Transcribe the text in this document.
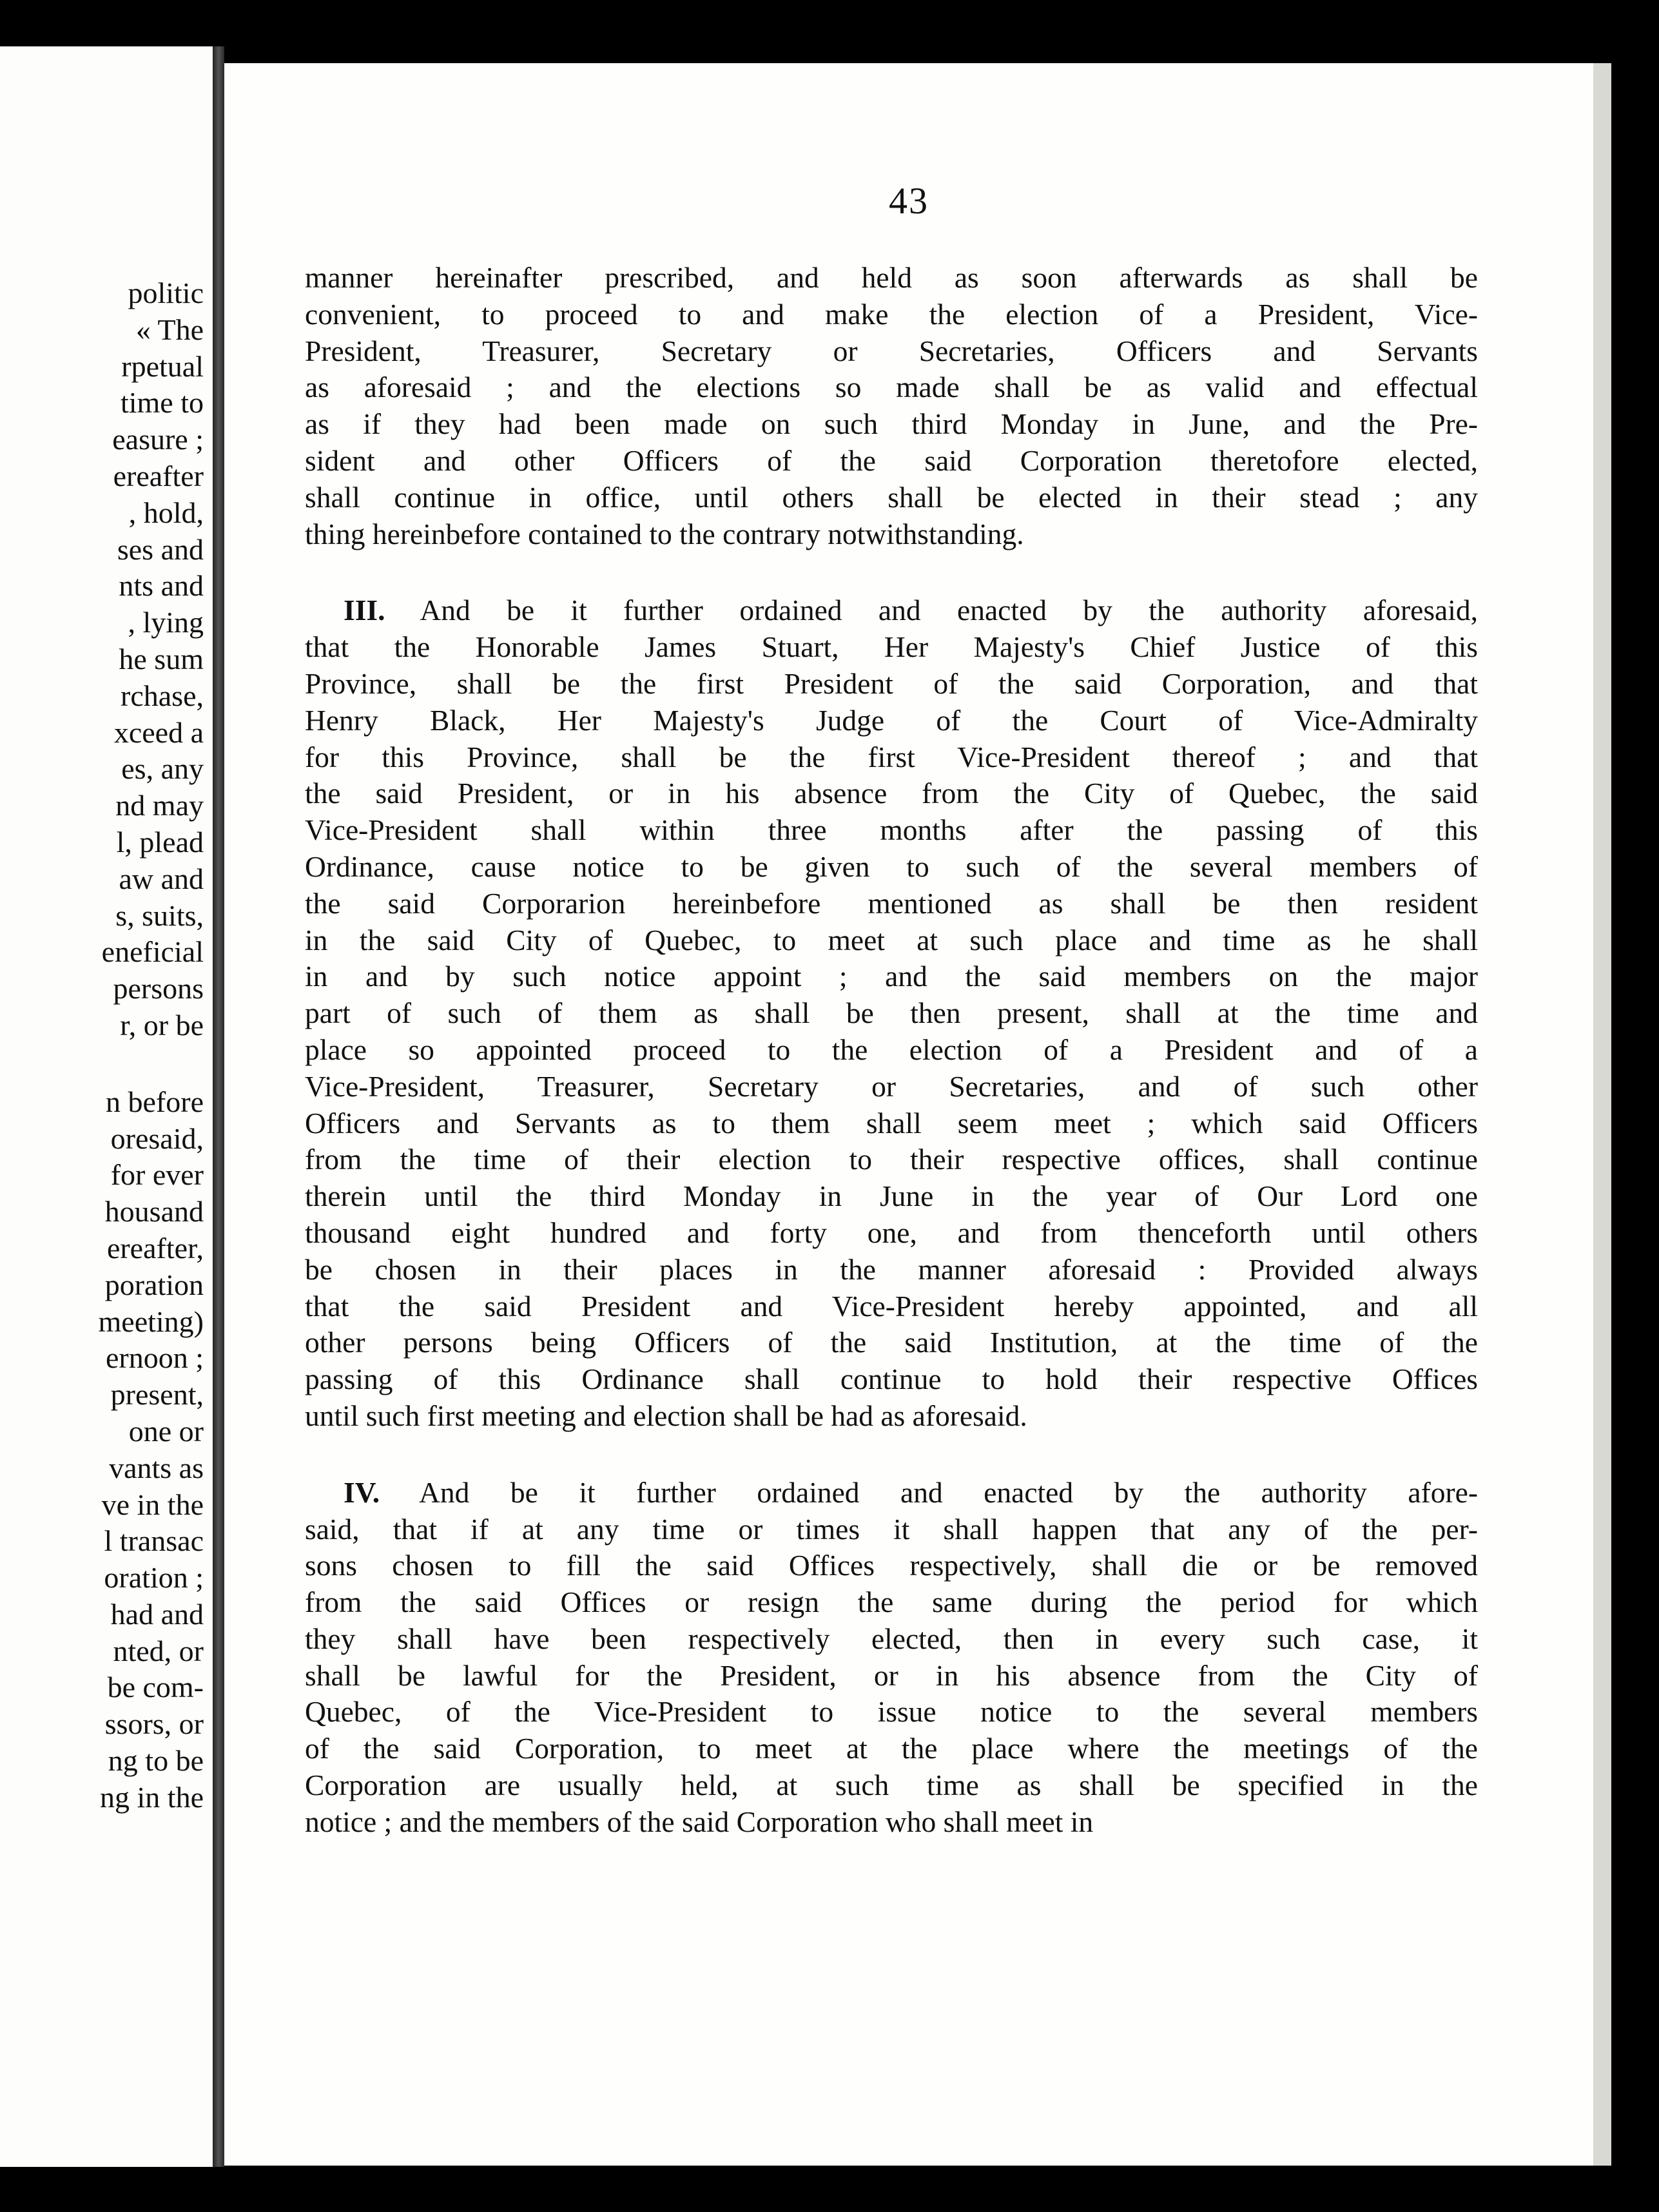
politic
« The
rpetual
time to
easure ;
ereafter
, hold,
ses and
nts and
, lying
he sum
rchase,
xceed a
es, any
nd may
l, plead
aw and
s, suits,
eneficial
persons
r, or be
n before
oresaid,
for ever
housand
ereafter,
poration
meeting)
ernoon ;
present,
one or
vants as
ve in the
l transac
oration ;
had and
nted, or
be com-
ssors, or
ng to be
ng in the
43
manner hereinafter prescribed, and held as soon afterwards as shall be
convenient, to proceed to and make the election of a President, Vice-
President, Treasurer, Secretary or Secretaries, Officers and Servants
as aforesaid ; and the elections so made shall be as valid and effectual
as if they had been made on such third Monday in June, and the Pre-
sident and other Officers of the said Corporation theretofore elected,
shall continue in office, until others shall be elected in their stead ; any
thing hereinbefore contained to the contrary notwithstanding.
III. And be it further ordained and enacted by the authority aforesaid,
that the Honorable James Stuart, Her Majesty's Chief Justice of this
Province, shall be the first President of the said Corporation, and that
Henry Black, Her Majesty's Judge of the Court of Vice-Admiralty
for this Province, shall be the first Vice-President thereof ; and that
the said President, or in his absence from the City of Quebec, the said
Vice-President shall within three months after the passing of this
Ordinance, cause notice to be given to such of the several members of
the said Corporarion hereinbefore mentioned as shall be then resident
in the said City of Quebec, to meet at such place and time as he shall
in and by such notice appoint ; and the said members on the major
part of such of them as shall be then present, shall at the time and
place so appointed proceed to the election of a President and of a
Vice-President, Treasurer, Secretary or Secretaries, and of such other
Officers and Servants as to them shall seem meet ; which said Officers
from the time of their election to their respective offices, shall continue
therein until the third Monday in June in the year of Our Lord one
thousand eight hundred and forty one, and from thenceforth until others
be chosen in their places in the manner aforesaid : Provided always
that the said President and Vice-President hereby appointed, and all
other persons being Officers of the said Institution, at the time of the
passing of this Ordinance shall continue to hold their respective Offices
until such first meeting and election shall be had as aforesaid.
IV. And be it further ordained and enacted by the authority afore-
said, that if at any time or times it shall happen that any of the per-
sons chosen to fill the said Offices respectively, shall die or be removed
from the said Offices or resign the same during the period for which
they shall have been respectively elected, then in every such case, it
shall be lawful for the President, or in his absence from the City of
Quebec, of the Vice-President to issue notice to the several members
of the said Corporation, to meet at the place where the meetings of the
Corporation are usually held, at such time as shall be specified in the
notice ; and the members of the said Corporation who shall meet in
